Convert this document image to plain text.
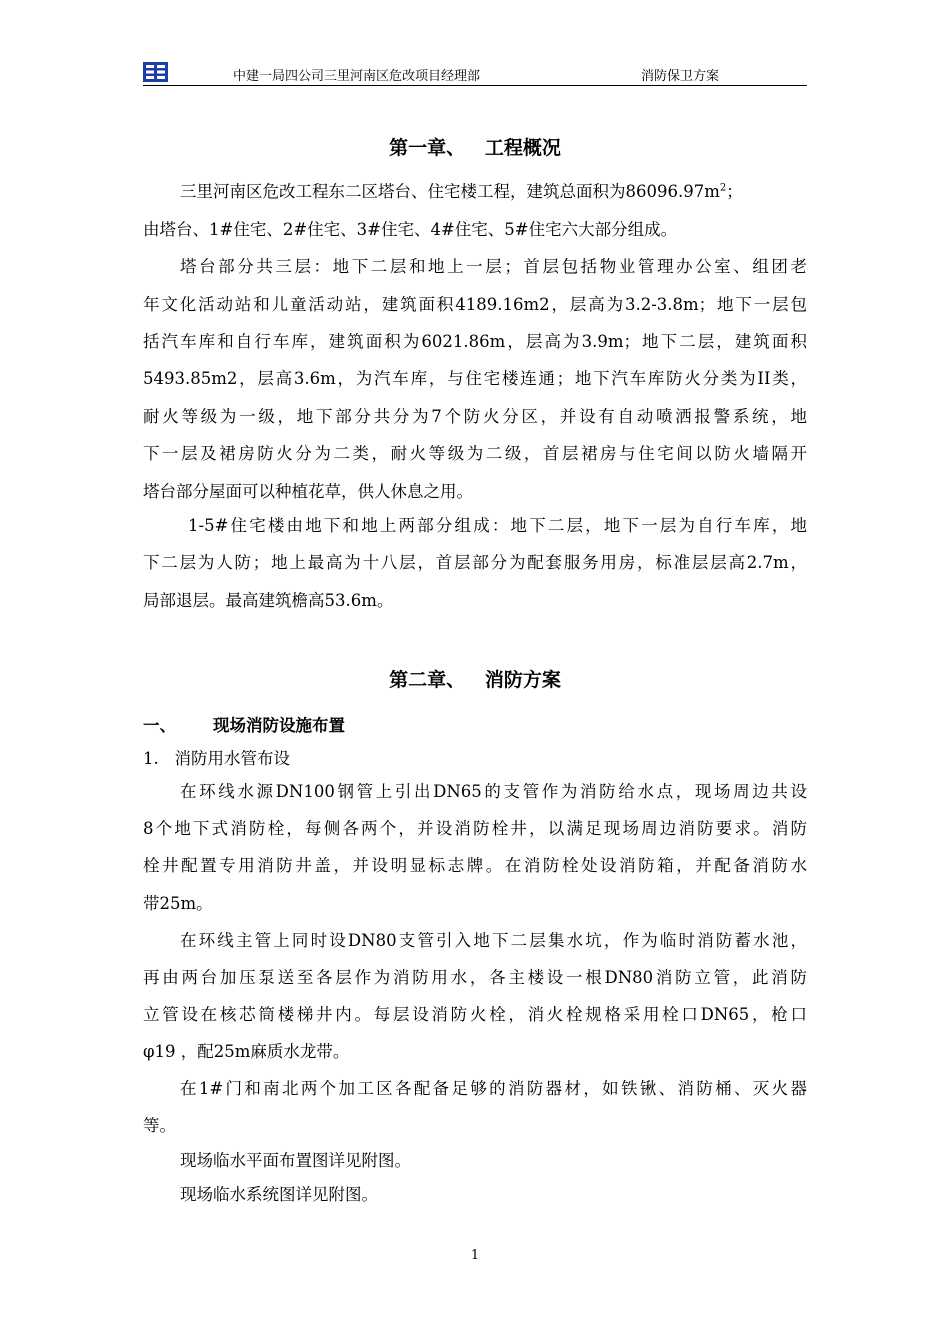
中建一局四公司三里河南区危改项目经理部	消防保卫方案
第一章、   工程概况
三里河南区危改工程东二区塔台、住宅楼工程，建筑总面积为$86096.97m^2$；
由塔台、1#住宅、2#住宅、3#住宅、4#住宅、5#住宅六大部分组成。
塔台部分共三层：地下二层和地上一层；首层包括物业管理办公室、组团老
年文化活动站和儿童活动站，建筑面积4189.16m2，层高为3.2-3.8m；地下一层包
括汽车库和自行车库，建筑面积为6021.86m，层高为3.9m；地下二层，建筑面积
5493.85m2，层高3.6m，为汽车库，与住宅楼连通；地下汽车库防火分类为II类，
耐火等级为一级，地下部分共分为7个防火分区，并设有自动喷洒报警系统，地
下一层及裙房防火分为二类，耐火等级为二级，首层裙房与住宅间以防火墙隔开
塔台部分屋面可以种植花草，供人休息之用。
1-5#住宅楼由地下和地上两部分组成：地下二层，地下一层为自行车库，地
下二层为人防；地上最高为十八层，首层部分为配套服务用房，标准层层高2.7m，
局部退层。最高建筑檐高53.6m。
第二章、   消防方案
一、 现场消防设施布置
1.   消防用水管布设
在环线水源DN100钢管上引出DN65的支管作为消防给水点，现场周边共设
8个地下式消防栓，每侧各两个，并设消防栓井，以满足现场周边消防要求。消防
栓井配置专用消防井盖，并设明显标志牌。在消防栓处设消防箱，并配备消防水
带25m。
在环线主管上同时设DN80支管引入地下二层集水坑，作为临时消防蓄水池，
再由两台加压泵送至各层作为消防用水，各主楼设一根DN80消防立管，此消防
立管设在核芯筒楼梯井内。每层设消防火栓，消火栓规格采用栓口DN65，枪口
φ19 ，配25m麻质水龙带。
在1#门和南北两个加工区各配备足够的消防器材，如铁锹、消防桶、灭火器
等。
现场临水平面布置图详见附图。
现场临水系统图详见附图。
1
